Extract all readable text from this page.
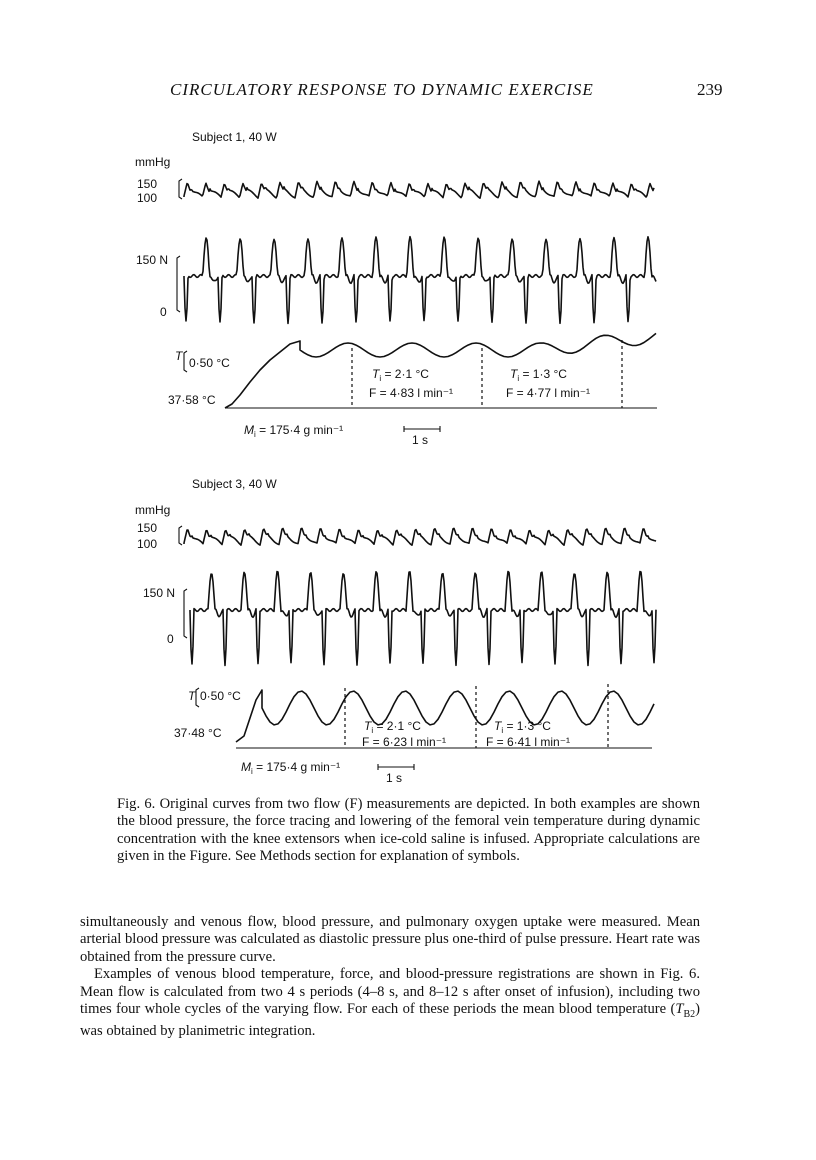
CIRCULATORY RESPONSE TO DYNAMIC EXERCISE	239
Subject 1, 40 W
mmHg
150
100
150 N
0
T 0·50 °C
37·58 °C
$T_i = 2\cdot 1$ °C
F = 4·83 l min⁻¹
$T_i = 1\cdot 3$ °C
F = 4·77 l min⁻¹
$M_i = 175\cdot 4$ g min⁻¹
1 s
Subject 3, 40 W
mmHg
150
100
150 N
0
T 0·50 °C
37·48 °C	$T_i = 2\cdot 1$ °C
F = 6·23 l min⁻¹
$T_i = 1\cdot 3$ °C
F = 6·41 l min⁻¹
$M_i = 175\cdot 4$ g min⁻¹
1 s

Fig. 6. Original curves from two flow (F) measurements are depicted. In both examples are shown the blood pressure, the force tracing and lowering of the femoral vein temperature during dynamic concentration with the knee extensors when ice-cold saline is infused. Appropriate calculations are given in the Figure. See Methods section for explanation of symbols.

simultaneously and venous flow, blood pressure, and pulmonary oxygen uptake were measured. Mean arterial blood pressure was calculated as diastolic pressure plus one-third of pulse pressure. Heart rate was obtained from the pressure curve.

Examples of venous blood temperature, force, and blood-pressure registrations are shown in Fig. 6. Mean flow is calculated from two 4 s periods (4–8 s, and 8–12 s after onset of infusion), including two times four whole cycles of the varying flow. For each of these periods the mean blood temperature $(T_{B2})$ was obtained by planimetric integration.
